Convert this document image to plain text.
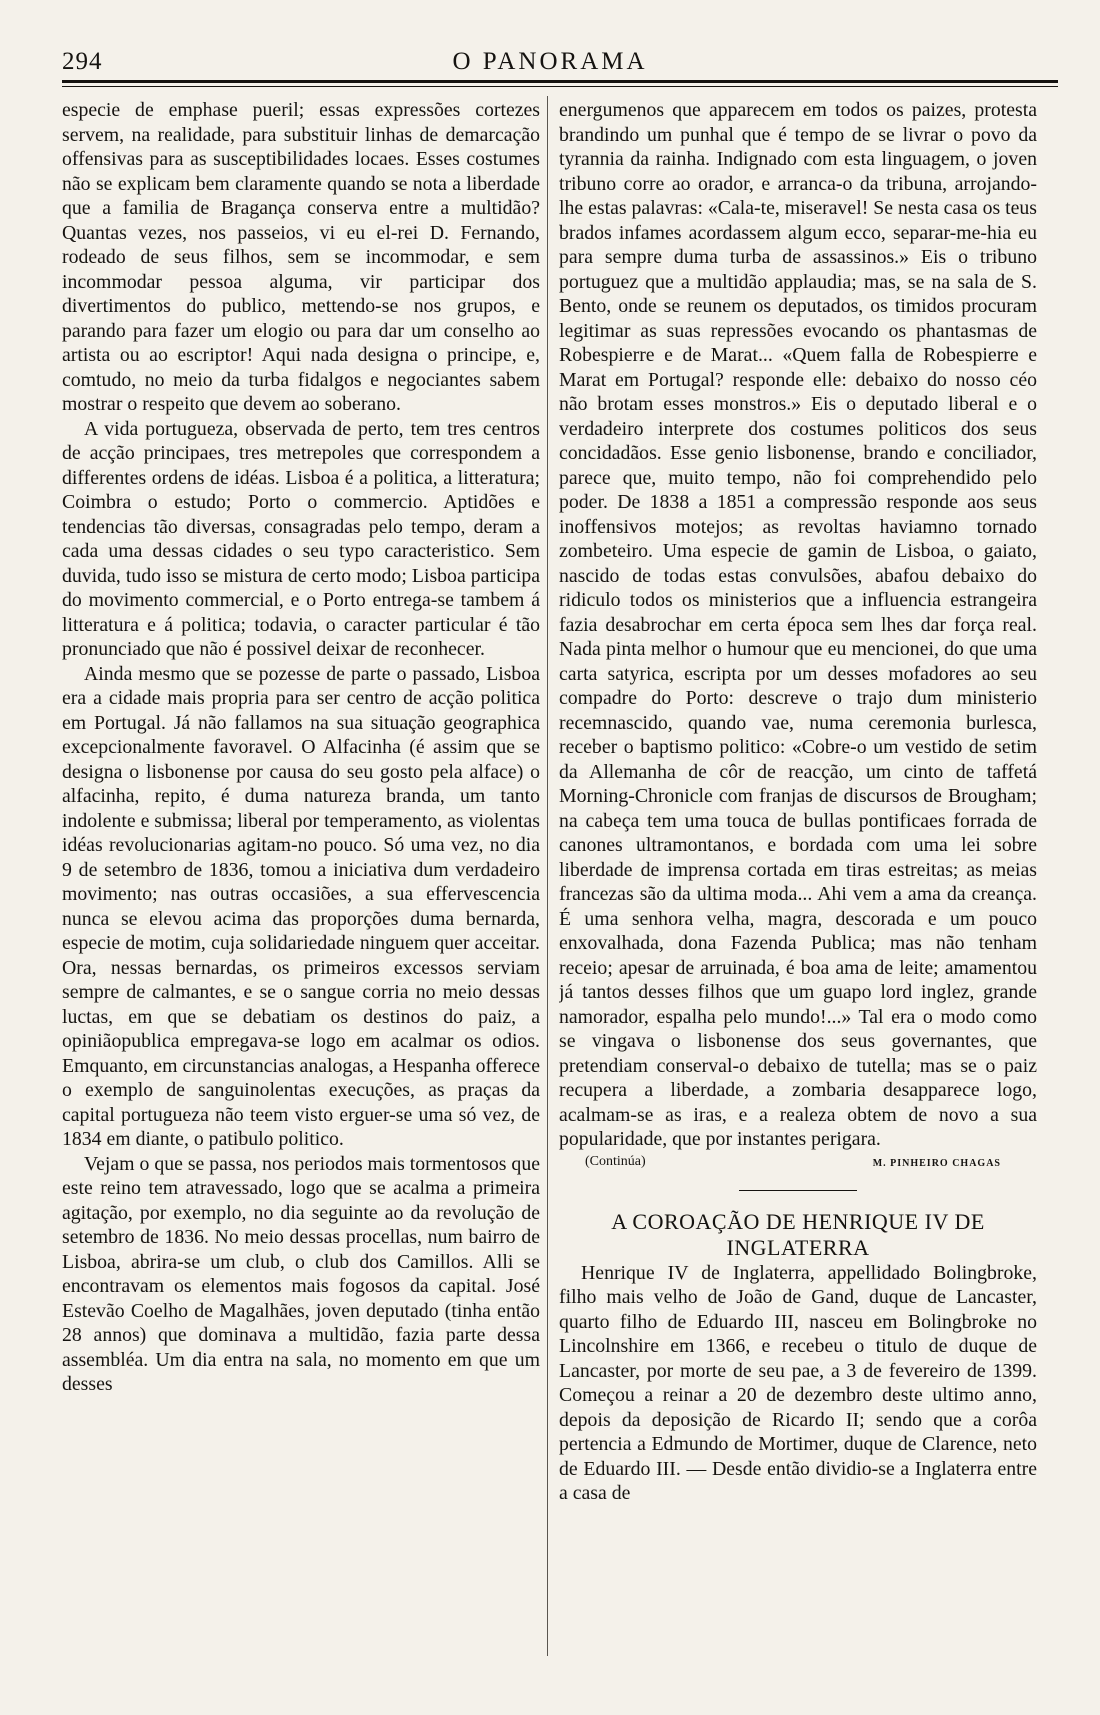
294	O PANORAMA

especie de emphase pueril; essas expressões cortezes servem, na realidade, para substituir linhas de demarcação offensivas para as susceptibilidades locaes. Esses costumes não se explicam bem claramente quando se nota a liberdade que a familia de Bragança conserva entre a multidão? Quantas vezes, nos passeios, vi eu el-rei D. Fernando, rodeado de seus filhos, sem se incommodar, e sem incommodar pessoa alguma, vir participar dos divertimentos do publico, mettendo-se nos grupos, e parando para fazer um elogio ou para dar um conselho ao artista ou ao escriptor! Aqui nada designa o principe, e, comtudo, no meio da turba fidalgos e negociantes sabem mostrar o respeito que devem ao soberano.

A vida portugueza, observada de perto, tem tres centros de acção principaes, tres metrepoles que correspondem a differentes ordens de idéas. Lisboa é a politica, a litteratura; Coimbra o estudo; Porto o commercio. Aptidões e tendencias tão diversas, consagradas pelo tempo, deram a cada uma dessas cidades o seu typo caracteristico. Sem duvida, tudo isso se mistura de certo modo; Lisboa participa do movimento commercial, e o Porto entrega-se tambem á litteratura e á politica; todavia, o caracter particular é tão pronunciado que não é possivel deixar de reconhecer.

Ainda mesmo que se pozesse de parte o passado, Lisboa era a cidade mais propria para ser centro de acção politica em Portugal. Já não fallamos na sua situação geographica excepcionalmente favoravel. O Alfacinha (é assim que se designa o lisbonense por causa do seu gosto pela alface) o alfacinha, repito, é duma natureza branda, um tanto indolente e submissa; liberal por temperamento, as violentas idéas revolucionarias agitam-no pouco. Só uma vez, no dia 9 de setembro de 1836, tomou a iniciativa dum verdadeiro movimento; nas outras occasiões, a sua effervescencia nunca se elevou acima das proporções duma bernarda, especie de motim, cuja solidariedade ninguem quer acceitar. Ora, nessas bernardas, os primeiros excessos serviam sempre de calmantes, e se o sangue corria no meio dessas luctas, em que se debatiam os destinos do paiz, a opiniãopublica empregava-se logo em acalmar os odios. Emquanto, em circunstancias analogas, a Hespanha offerece o exemplo de sanguinolentas execuções, as praças da capital portugueza não teem visto erguer-se uma só vez, de 1834 em diante, o patibulo politico.

Vejam o que se passa, nos periodos mais tormentosos que este reino tem atravessado, logo que se acalma a primeira agitação, por exemplo, no dia seguinte ao da revolução de setembro de 1836. No meio dessas procellas, num bairro de Lisboa, abrira-se um club, o club dos Camillos. Alli se encontravam os elementos mais fogosos da capital. José Estevão Coelho de Magalhães, joven deputado (tinha então 28 annos) que dominava a multidão, fazia parte dessa assembléa. Um dia entra na sala, no momento em que um desses

energumenos que apparecem em todos os paizes, protesta brandindo um punhal que é tempo de se livrar o povo da tyrannia da rainha. Indignado com esta linguagem, o joven tribuno corre ao orador, e arranca-o da tribuna, arrojando-lhe estas palavras: «Cala-te, miseravel! Se nesta casa os teus brados infames acordassem algum ecco, separar-me-hia eu para sempre duma turba de assassinos.» Eis o tribuno portuguez que a multidão applaudia; mas, se na sala de S. Bento, onde se reunem os deputados, os timidos procuram legitimar as suas repressões evocando os phantasmas de Robespierre e de Marat... «Quem falla de Robespierre e Marat em Portugal? responde elle: debaixo do nosso céo não brotam esses monstros.» Eis o deputado liberal e o verdadeiro interprete dos costumes politicos dos seus concidadãos. Esse genio lisbonense, brando e conciliador, parece que, muito tempo, não foi comprehendido pelo poder. De 1838 a 1851 a compressão responde aos seus inoffensivos motejos; as revoltas haviamno tornado zombeteiro. Uma especie de gamin de Lisboa, o gaiato, nascido de todas estas convulsões, abafou debaixo do ridiculo todos os ministerios que a influencia estrangeira fazia desabrochar em certa época sem lhes dar força real. Nada pinta melhor o humour que eu mencionei, do que uma carta satyrica, escripta por um desses mofadores ao seu compadre do Porto: descreve o trajo dum ministerio recemnascido, quando vae, numa ceremonia burlesca, receber o baptismo politico: «Cobre-o um vestido de setim da Allemanha de côr de reacção, um cinto de taffetá Morning-Chronicle com franjas de discursos de Brougham; na cabeça tem uma touca de bullas pontificaes forrada de canones ultramontanos, e bordada com uma lei sobre liberdade de imprensa cortada em tiras estreitas; as meias francezas são da ultima moda... Ahi vem a ama da creança. É uma senhora velha, magra, descorada e um pouco enxovalhada, dona Fazenda Publica; mas não tenham receio; apesar de arruinada, é boa ama de leite; amamentou já tantos desses filhos que um guapo lord inglez, grande namorador, espalha pelo mundo!...» Tal era o modo como se vingava o lisbonense dos seus governantes, que pretendiam conserval-o debaixo de tutella; mas se o paiz recupera a liberdade, a zombaria desapparece logo, acalmam-se as iras, e a realeza obtem de novo a sua popularidade, que por instantes perigara.

(Continúa)	M. PINHEIRO CHAGAS
A COROAÇÃO DE HENRIQUE IV DE INGLATERRA

Henrique IV de Inglaterra, appellidado Bolingbroke, filho mais velho de João de Gand, duque de Lancaster, quarto filho de Eduardo III, nasceu em Bolingbroke no Lincolnshire em 1366, e recebeu o titulo de duque de Lancaster, por morte de seu pae, a 3 de fevereiro de 1399. Começou a reinar a 20 de dezembro deste ultimo anno, depois da deposição de Ricardo II; sendo que a corôa pertencia a Edmundo de Mortimer, duque de Clarence, neto de Eduardo III. — Desde então dividio-se a Inglaterra entre a casa de
